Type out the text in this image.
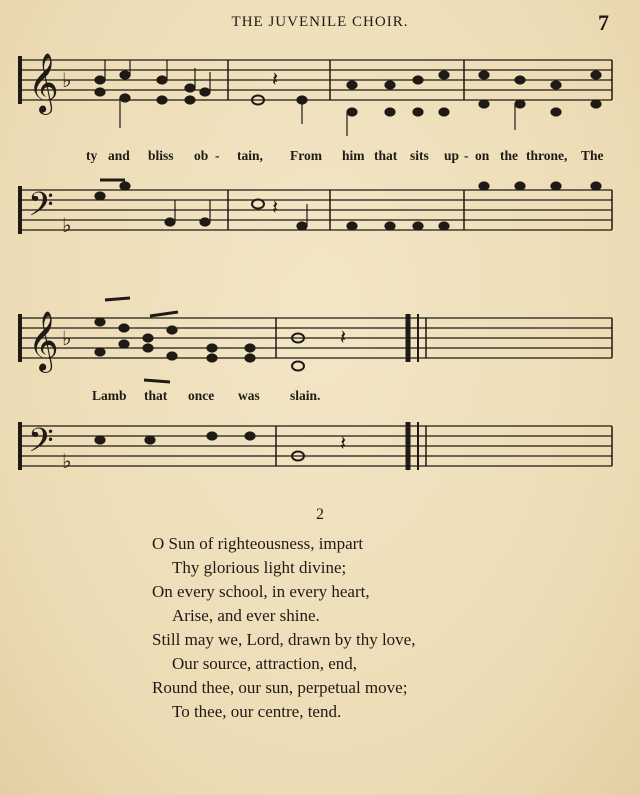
THE JUVENILE CHOIR.	7
𝄞 ♭
𝄢 ♭
𝄞 ♭
𝄢 ♭
𝄽
𝄽
𝄽
𝄽
ty and bliss ob - tain, From him that sits up - on the throne, The
Lamb that once was slain.
2
O Sun of righteousness, impart
Thy glorious light divine;
On every school, in every heart,
Arise, and ever shine.
Still may we, Lord, drawn by thy love,
Our source, attraction, end,
Round thee, our sun, perpetual move;
To thee, our centre, tend.
